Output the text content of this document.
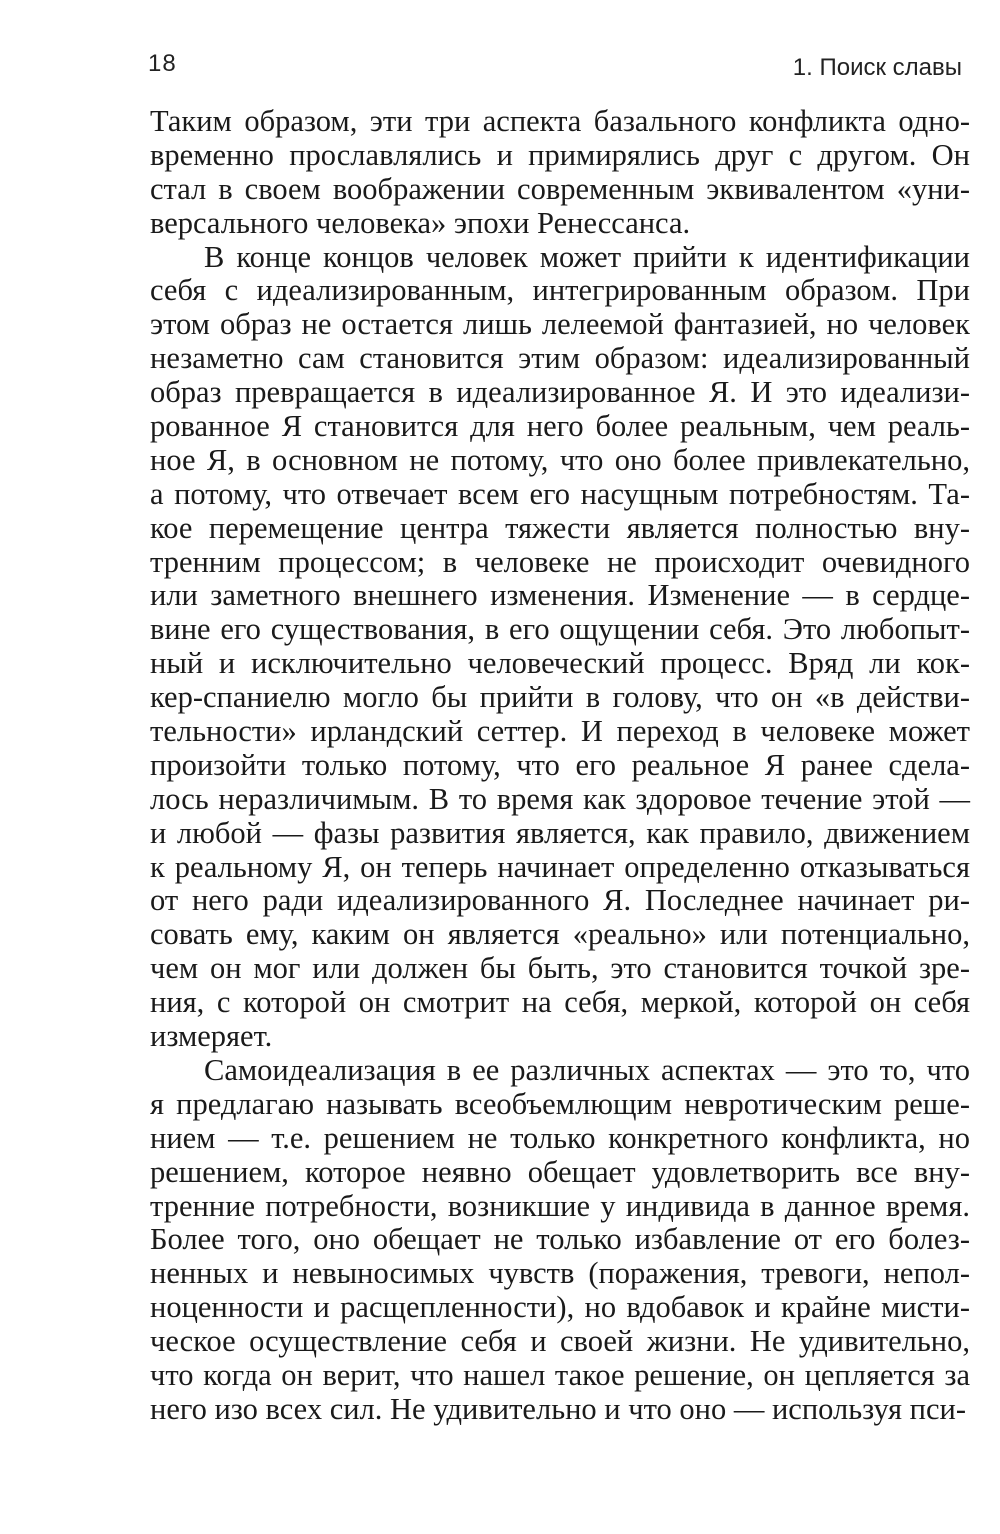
18	1. Поиск славы
Таким образом, эти три аспекта базального конфликта одно-
временно прославлялись и примирялись друг с другом. Он
стал в своем воображении современным эквивалентом «уни-
версального человека» эпохи Ренессанса.
В конце концов человек может прийти к идентификации
себя с идеализированным, интегрированным образом. При
этом образ не остается лишь лелеемой фантазией, но человек
незаметно сам становится этим образом: идеализированный
образ превращается в идеализированное Я. И это идеализи-
рованное Я становится для него более реальным, чем реаль-
ное Я, в основном не потому, что оно более привлекательно,
а потому, что отвечает всем его насущным потребностям. Та-
кое перемещение центра тяжести является полностью вну-
тренним процессом; в человеке не происходит очевидного
или заметного внешнего изменения. Изменение — в сердце-
вине его существования, в его ощущении себя. Это любопыт-
ный и исключительно человеческий процесс. Вряд ли кок-
кер-спаниелю могло бы прийти в голову, что он «в действи-
тельности» ирландский сеттер. И переход в человеке может
произойти только потому, что его реальное Я ранее сдела-
лось неразличимым. В то время как здоровое течение этой —
и любой — фазы развития является, как правило, движением
к реальному Я, он теперь начинает определенно отказываться
от него ради идеализированного Я. Последнее начинает ри-
совать ему, каким он является «реально» или потенциально,
чем он мог или должен бы быть, это становится точкой зре-
ния, с которой он смотрит на себя, меркой, которой он себя
измеряет.
Самоидеализация в ее различных аспектах — это то, что
я предлагаю называть всеобъемлющим невротическим реше-
нием — т.е. решением не только конкретного конфликта, но
решением, которое неявно обещает удовлетворить все вну-
тренние потребности, возникшие у индивида в данное время.
Более того, оно обещает не только избавление от его болез-
ненных и невыносимых чувств (поражения, тревоги, непол-
ноценности и расщепленности), но вдобавок и крайне мисти-
ческое осуществление себя и своей жизни. Не удивительно,
что когда он верит, что нашел такое решение, он цепляется за
него изо всех сил. Не удивительно и что оно — используя пси-
